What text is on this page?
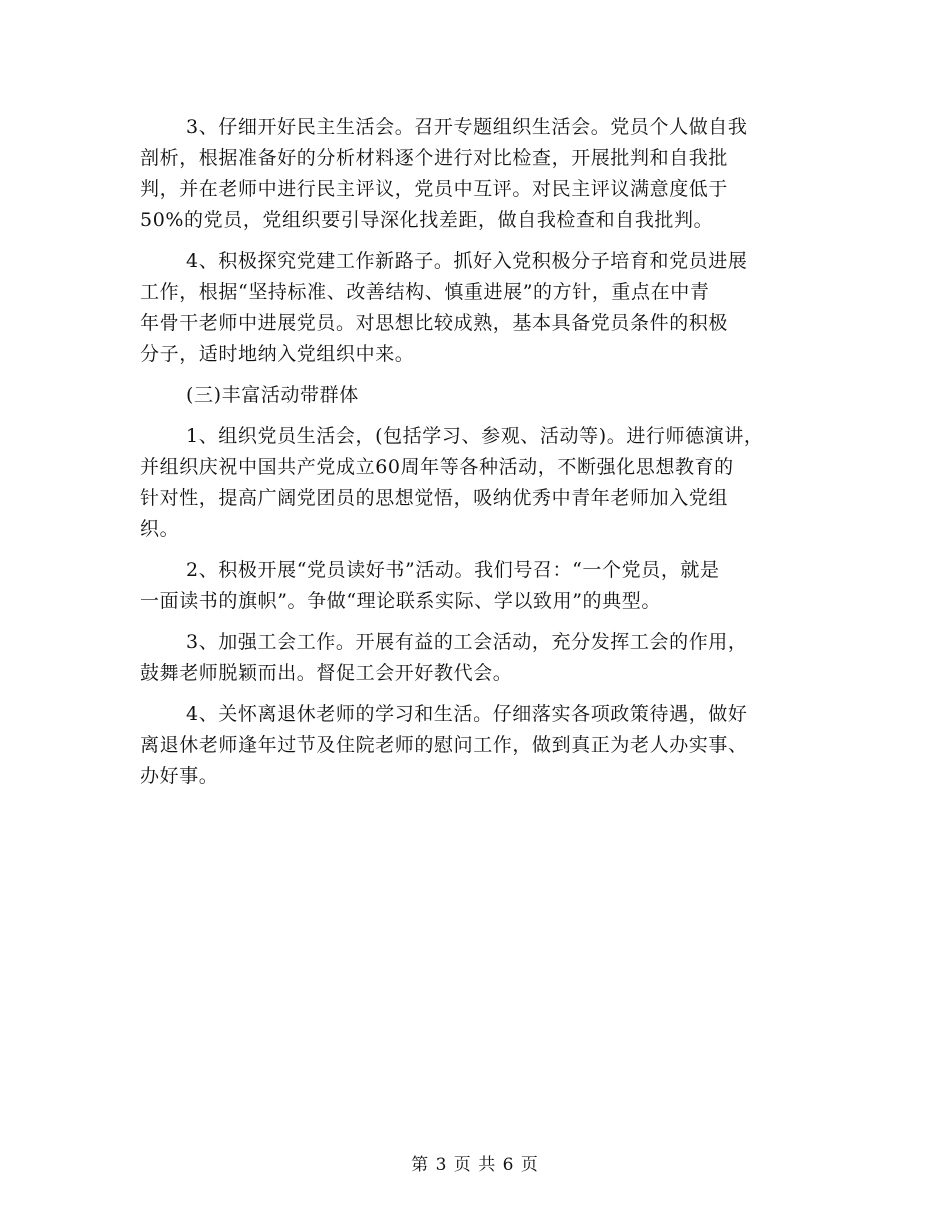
3、仔细开好民主生活会。召开专题组织生活会。党员个人做自我
剖析，根据准备好的分析材料逐个进行对比检查，开展批判和自我批
判，并在老师中进行民主评议，党员中互评。对民主评议满意度低于
50%的党员，党组织要引导深化找差距，做自我检查和自我批判。
4、积极探究党建工作新路子。抓好入党积极分子培育和党员进展
工作，根据“坚持标准、改善结构、慎重进展”的方针，重点在中青
年骨干老师中进展党员。对思想比较成熟，基本具备党员条件的积极
分子，适时地纳入党组织中来。
(三)丰富活动带群体
1、组织党员生活会，(包括学习、参观、活动等)。进行师德演讲，
并组织庆祝中国共产党成立60周年等各种活动，不断强化思想教育的
针对性，提高广阔党团员的思想觉悟，吸纳优秀中青年老师加入党组
织。
2、积极开展“党员读好书”活动。我们号召：“一个党员，就是
一面读书的旗帜”。争做“理论联系实际、学以致用”的典型。
3、加强工会工作。开展有益的工会活动，充分发挥工会的作用，
鼓舞老师脱颖而出。督促工会开好教代会。
4、关怀离退休老师的学习和生活。仔细落实各项政策待遇，做好
离退休老师逢年过节及住院老师的慰问工作，做到真正为老人办实事、
办好事。
第 3 页 共 6 页
